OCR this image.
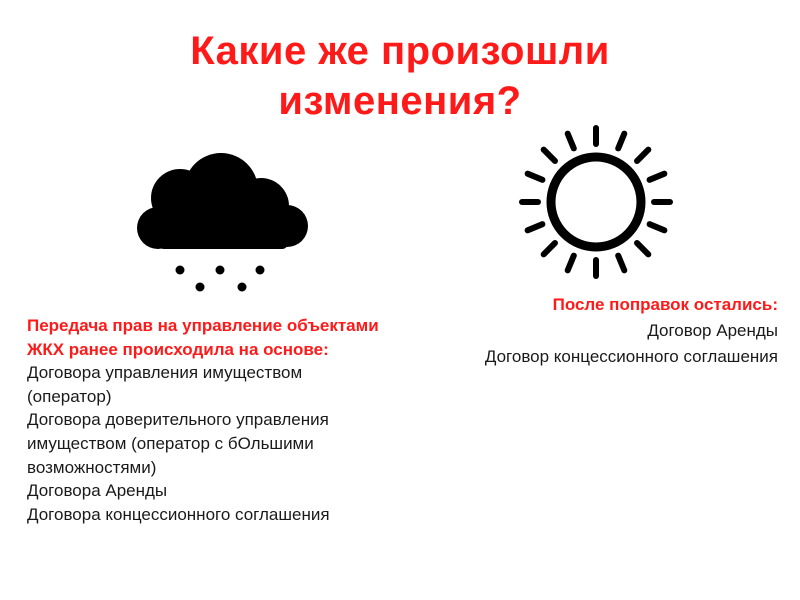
Какие же произошли
изменения?
После поправок остались:
Договор Аренды
Договор концессионного соглашения
Передача прав на управление объектами
ЖКХ ранее происходила на основе:
Договора управления имуществом
(оператор)
Договора доверительного управления
имуществом (оператор с бОльшими
возможностями)
Договора Аренды
Договора концессионного соглашения
